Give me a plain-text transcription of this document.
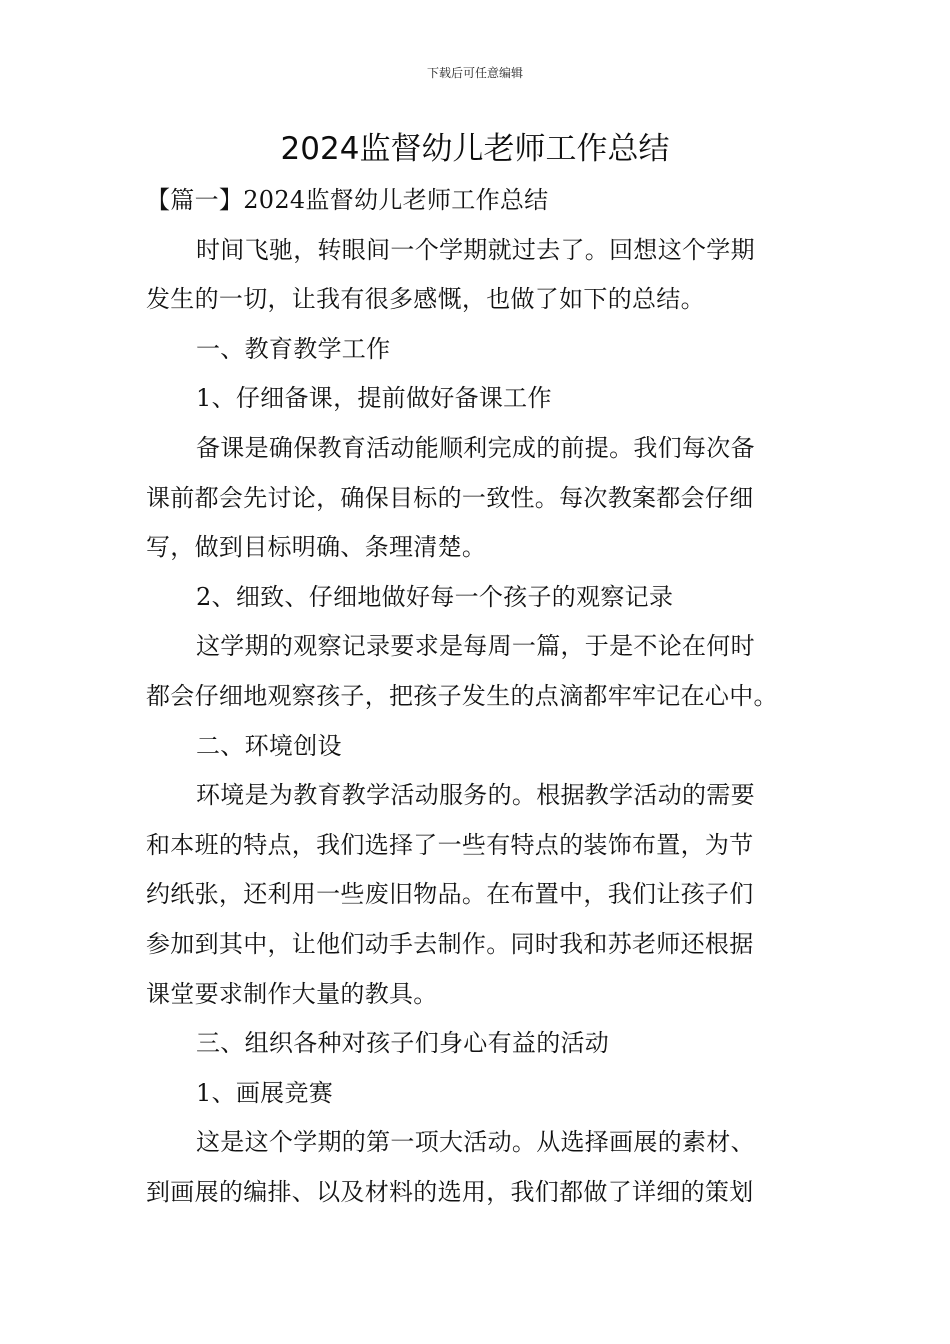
下载后可任意编辑
2024监督幼儿老师工作总结

【篇一】2024监督幼儿老师工作总结

时间飞驰，转眼间一个学期就过去了。回想这个学期

发生的一切，让我有很多感慨，也做了如下的总结。

一、教育教学工作

1、仔细备课，提前做好备课工作

备课是确保教育活动能顺利完成的前提。我们每次备

课前都会先讨论，确保目标的一致性。每次教案都会仔细

写，做到目标明确、条理清楚。

2、细致、仔细地做好每一个孩子的观察记录

这学期的观察记录要求是每周一篇，于是不论在何时

都会仔细地观察孩子，把孩子发生的点滴都牢牢记在心中。

二、环境创设

环境是为教育教学活动服务的。根据教学活动的需要

和本班的特点，我们选择了一些有特点的装饰布置，为节

约纸张，还利用一些废旧物品。在布置中，我们让孩子们

参加到其中，让他们动手去制作。同时我和苏老师还根据

课堂要求制作大量的教具。

三、组织各种对孩子们身心有益的活动

1、画展竞赛

这是这个学期的第一项大活动。从选择画展的素材、

到画展的编排、以及材料的选用，我们都做了详细的策划
